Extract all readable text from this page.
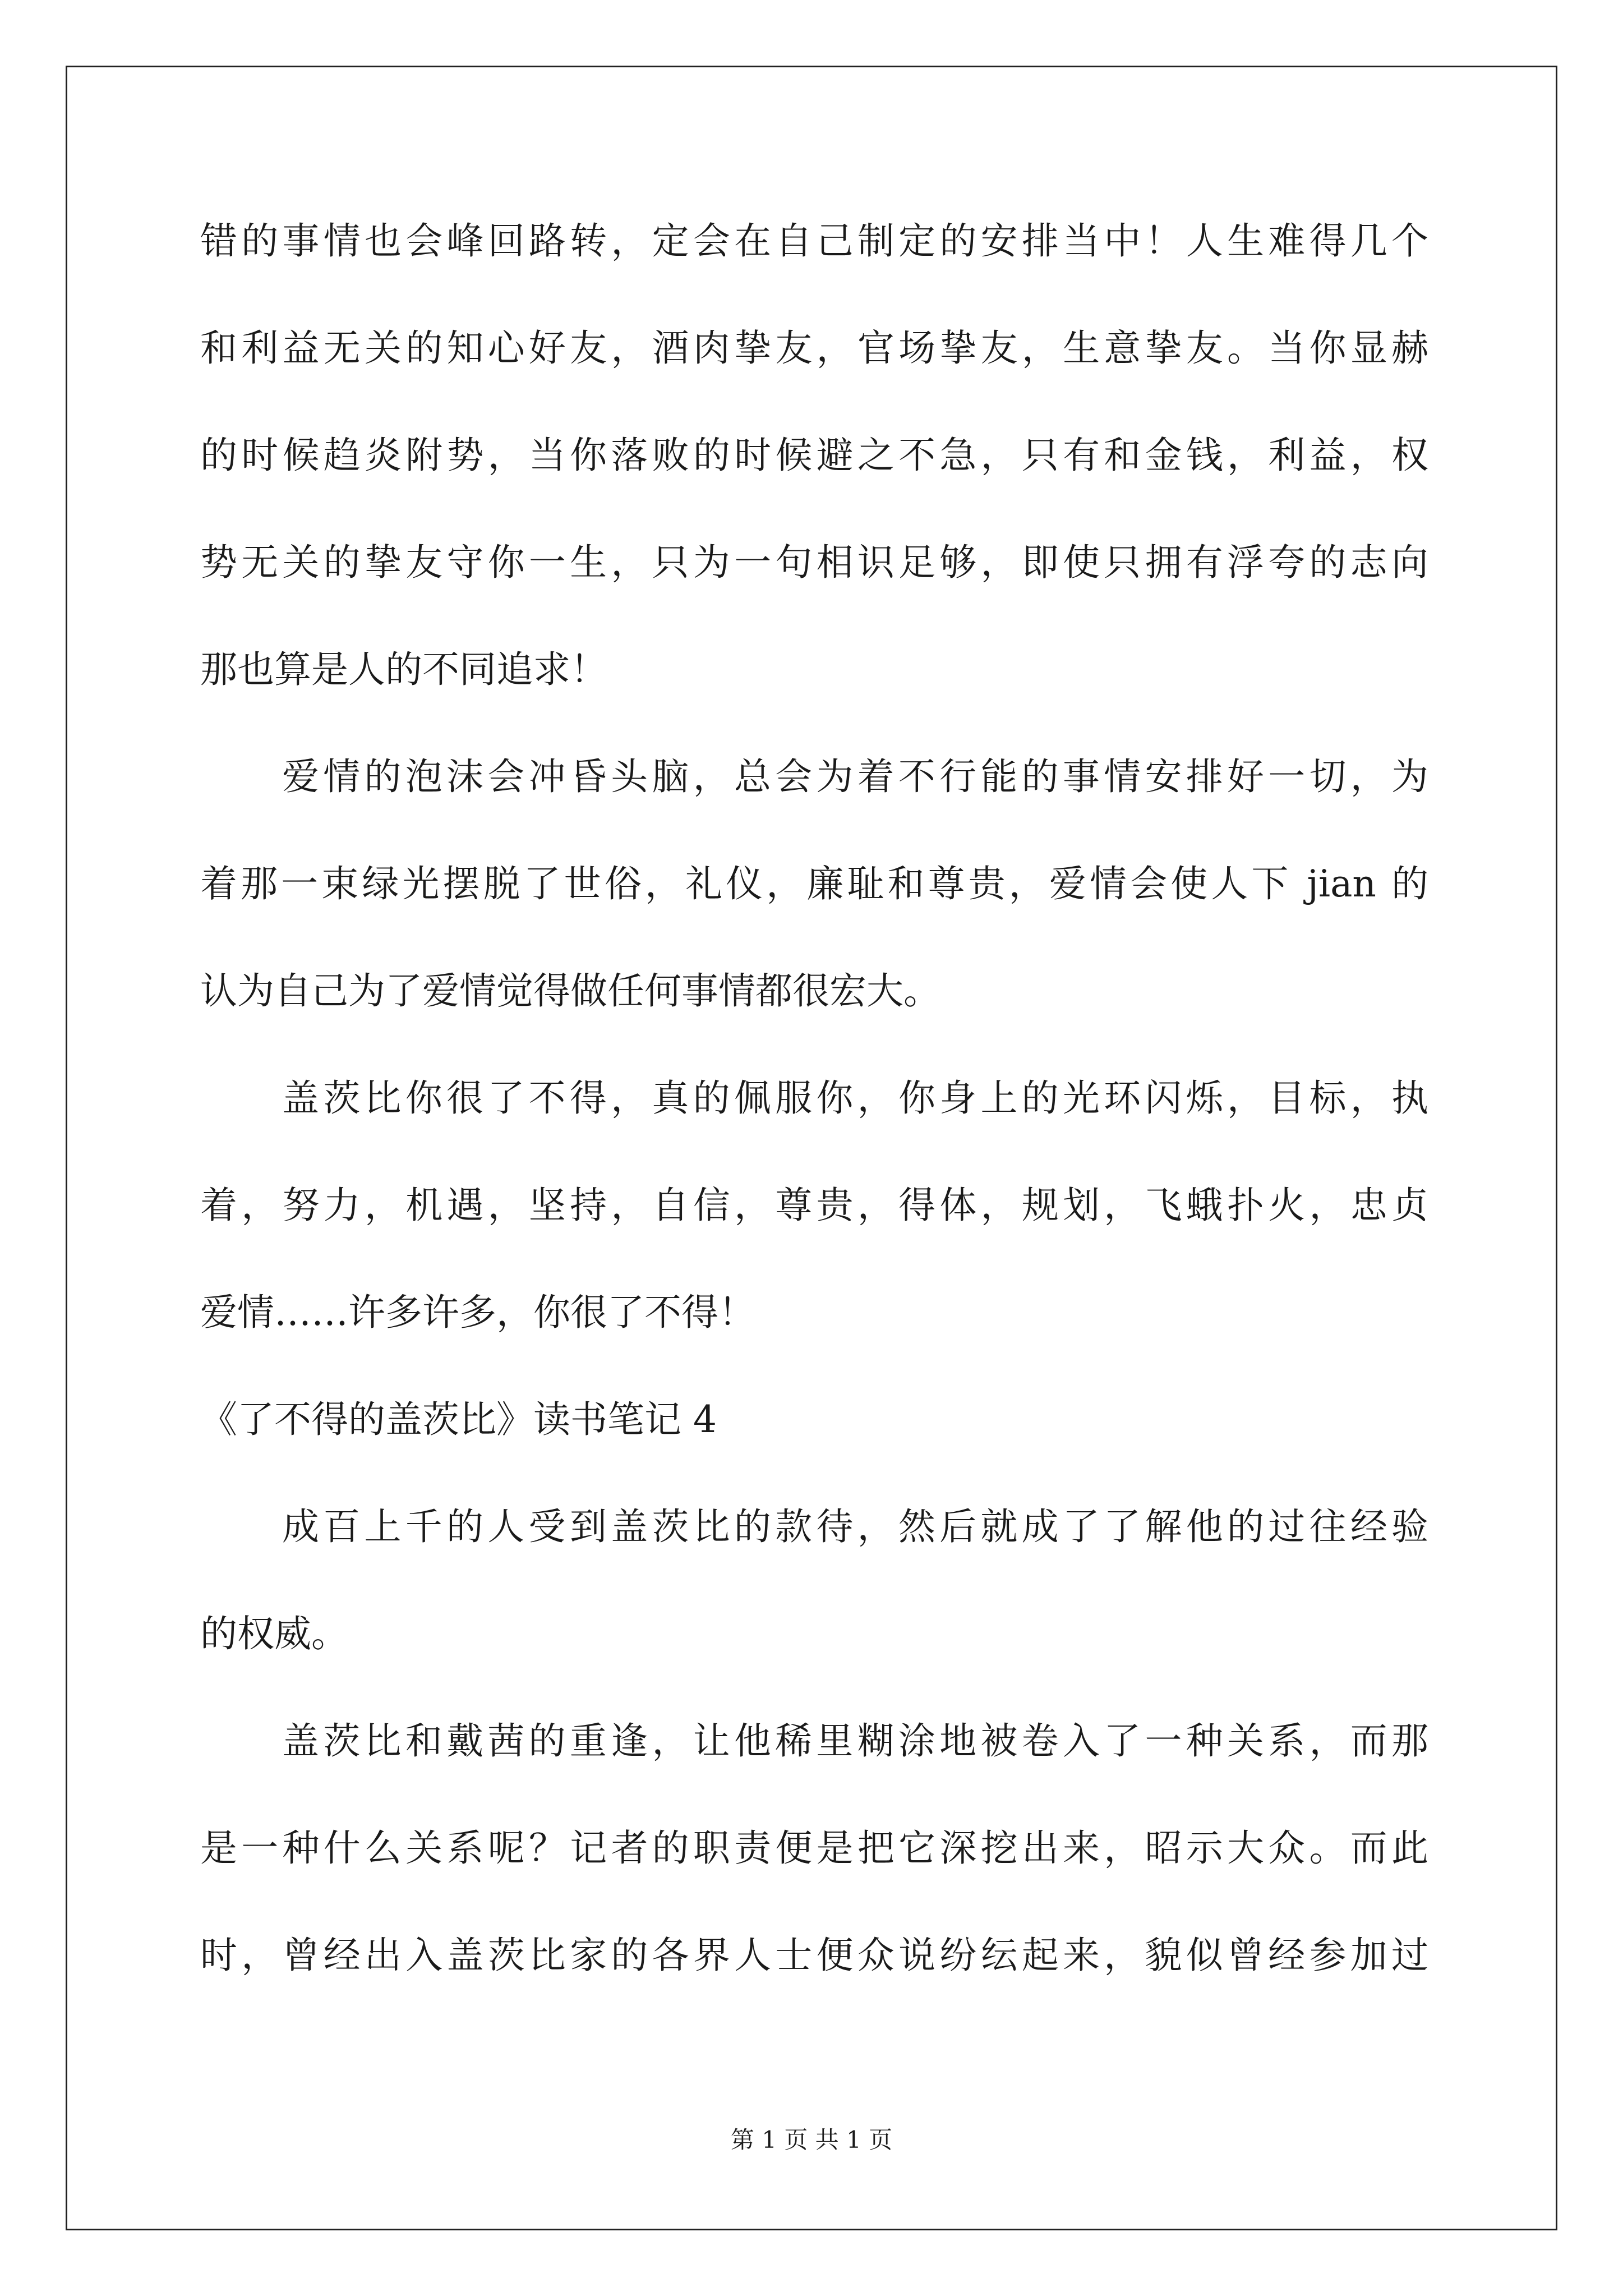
错的事情也会峰回路转，定会在自己制定的安排当中！人生难得几个
和利益无关的知心好友，酒肉挚友，官场挚友，生意挚友。当你显赫
的时候趋炎附势，当你落败的时候避之不急，只有和金钱，利益，权
势无关的挚友守你一生，只为一句相识足够，即使只拥有浮夸的志向
那也算是人的不同追求！
爱情的泡沫会冲昏头脑，总会为着不行能的事情安排好一切，为
着那一束绿光摆脱了世俗，礼仪，廉耻和尊贵，爱情会使人下 jian 的
认为自己为了爱情觉得做任何事情都很宏大。
盖茨比你很了不得，真的佩服你，你身上的光环闪烁，目标，执
着，努力，机遇，坚持，自信，尊贵，得体，规划，飞蛾扑火，忠贞
爱情……许多许多，你很了不得！
《了不得的盖茨比》读书笔记 4
成百上千的人受到盖茨比的款待，然后就成了了解他的过往经验
的权威。
盖茨比和戴茜的重逢，让他稀里糊涂地被卷入了一种关系，而那
是一种什么关系呢？记者的职责便是把它深挖出来，昭示大众。而此
时，曾经出入盖茨比家的各界人士便众说纷纭起来，貌似曾经参加过
第 1 页 共 1 页
